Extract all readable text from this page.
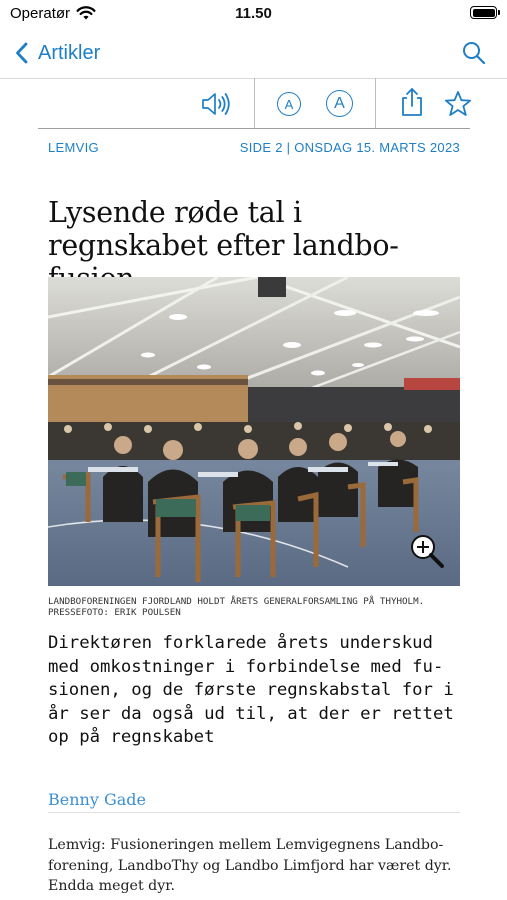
Operatør	11.50
Artikler
A	A
LEMVIG	SIDE 2 | ONSDAG 15. MARTS 2023
Lysende røde tal i regnskabet efter landbo-
LANDBOFORENINGEN FJORDLAND HOLDT ÅRETS GENERALFORSAMLING PÅ THYHOLM. PRESSEFOTO: ERIK POULSEN
Direktøren forklarede årets underskud med omkostninger i forbindelse med fu-sionen, og de første regnskabstal for i år ser da også ud til, at der er rettet op på regnskabet
Benny Gade
Lemvig: Fusioneringen mellem Lemvigegnens Landbo-forening, LandboThy og Landbo Limfjord har været dyr. Endda meget dyr.
